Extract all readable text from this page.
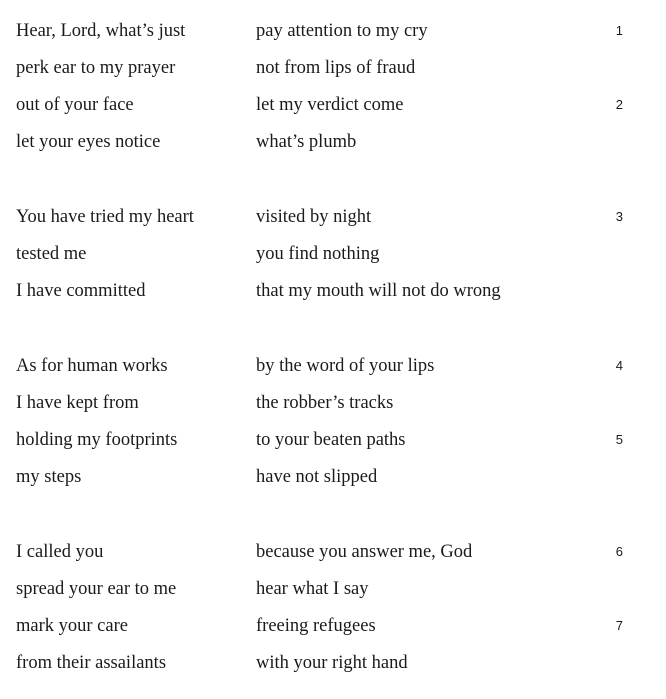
Hear, Lord, what’s just	pay attention to my cry	1
perk ear to my prayer	not from lips of fraud
out of your face	let my verdict come	2
let your eyes notice	what’s plumb
You have tried my heart	visited by night	3
tested me	you find nothing
I have committed	that my mouth will not do wrong
As for human works	by the word of your lips	4
I have kept from	the robber’s tracks
holding my footprints	to your beaten paths	5
my steps	have not slipped
I called you	because you answer me, God	6
spread your ear to me	hear what I say
mark your care	freeing refugees	7
from their assailants	with your right hand
